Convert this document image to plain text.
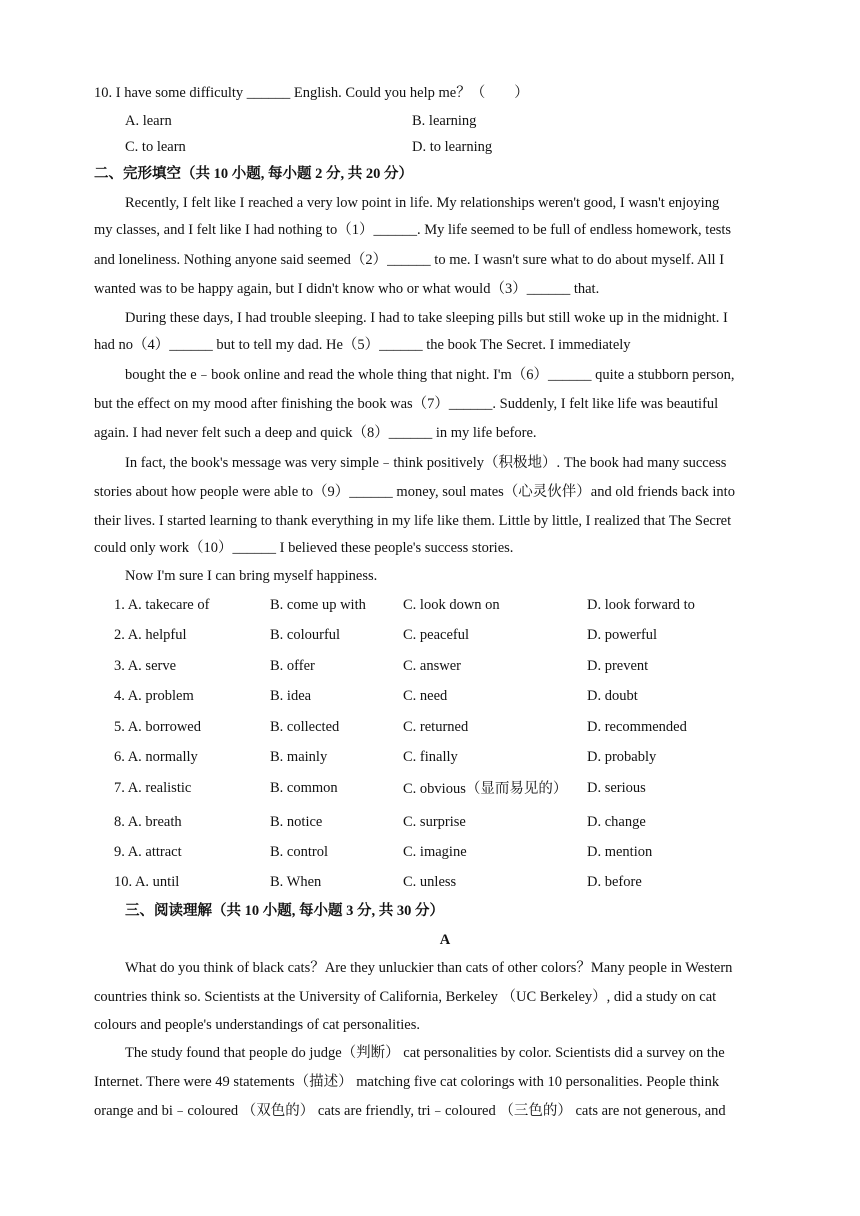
10. I have some difficulty ______ English. Could you help me？（　　）
A. learn	B. learning
C. to learn	D. to learning
二、完形填空（共 10 小题, 每小题 2 分, 共 20 分）
Recently, I felt like I reached a very low point in life. My relationships weren't good, I wasn't enjoying
my classes, and I felt like I had nothing to（1）______. My life seemed to be full of endless homework, tests
and loneliness. Nothing anyone said seemed（2）______ to me. I wasn't sure what to do about myself. All I
wanted was to be happy again, but I didn't know who or what would（3）______ that.
During these days, I had trouble sleeping. I had to take sleeping pills but still woke up in the midnight. I
had no（4）______ but to tell my dad. He（5）______ the book The Secret. I immediately
bought the e﹣book online and read the whole thing that night. I'm（6）______ quite a stubborn person,
but the effect on my mood after finishing the book was（7）______. Suddenly, I felt like life was beautiful
again. I had never felt such a deep and quick（8）______ in my life before.
In fact, the book's message was very simple﹣think positively（积极地）. The book had many success
stories about how people were able to（9）______ money, soul mates（心灵伙伴）and old friends back into
their lives. I started learning to thank everything in my life like them. Little by little, I realized that The Secret
could only work（10）______ I believed these people's success stories.
Now I'm sure I can bring myself happiness.
1. A. takecare of	B. come up with	C. look down on	D. look forward to
2. A. helpful	B. colourful	C. peaceful	D. powerful
3. A. serve	B. offer	C. answer	D. prevent
4. A. problem	B. idea	C. need	D. doubt
5. A. borrowed	B. collected	C. returned	D. recommended
6. A. normally	B. mainly	C. finally	D. probably
7. A. realistic	B. common	C. obvious（显而易见的） D. serious
8. A. breath	B. notice	C. surprise	D. change
9. A. attract	B. control	C. imagine	D. mention
10. A. until	B. When	C. unless	D. before
三、阅读理解（共 10 小题, 每小题 3 分, 共 30 分）
A
What do you think of black cats？Are they unluckier than cats of other colors？Many people in Western
countries think so. Scientists at the University of California, Berkeley （UC Berkeley）, did a study on cat
colours and people's understandings of cat personalities.
The study found that people do judge（判断） cat personalities by color. Scientists did a survey on the
Internet. There were 49 statements（描述） matching five cat colorings with 10 personalities. People think
orange and bi﹣coloured （双色的） cats are friendly, tri﹣coloured （三色的） cats are not generous, and
